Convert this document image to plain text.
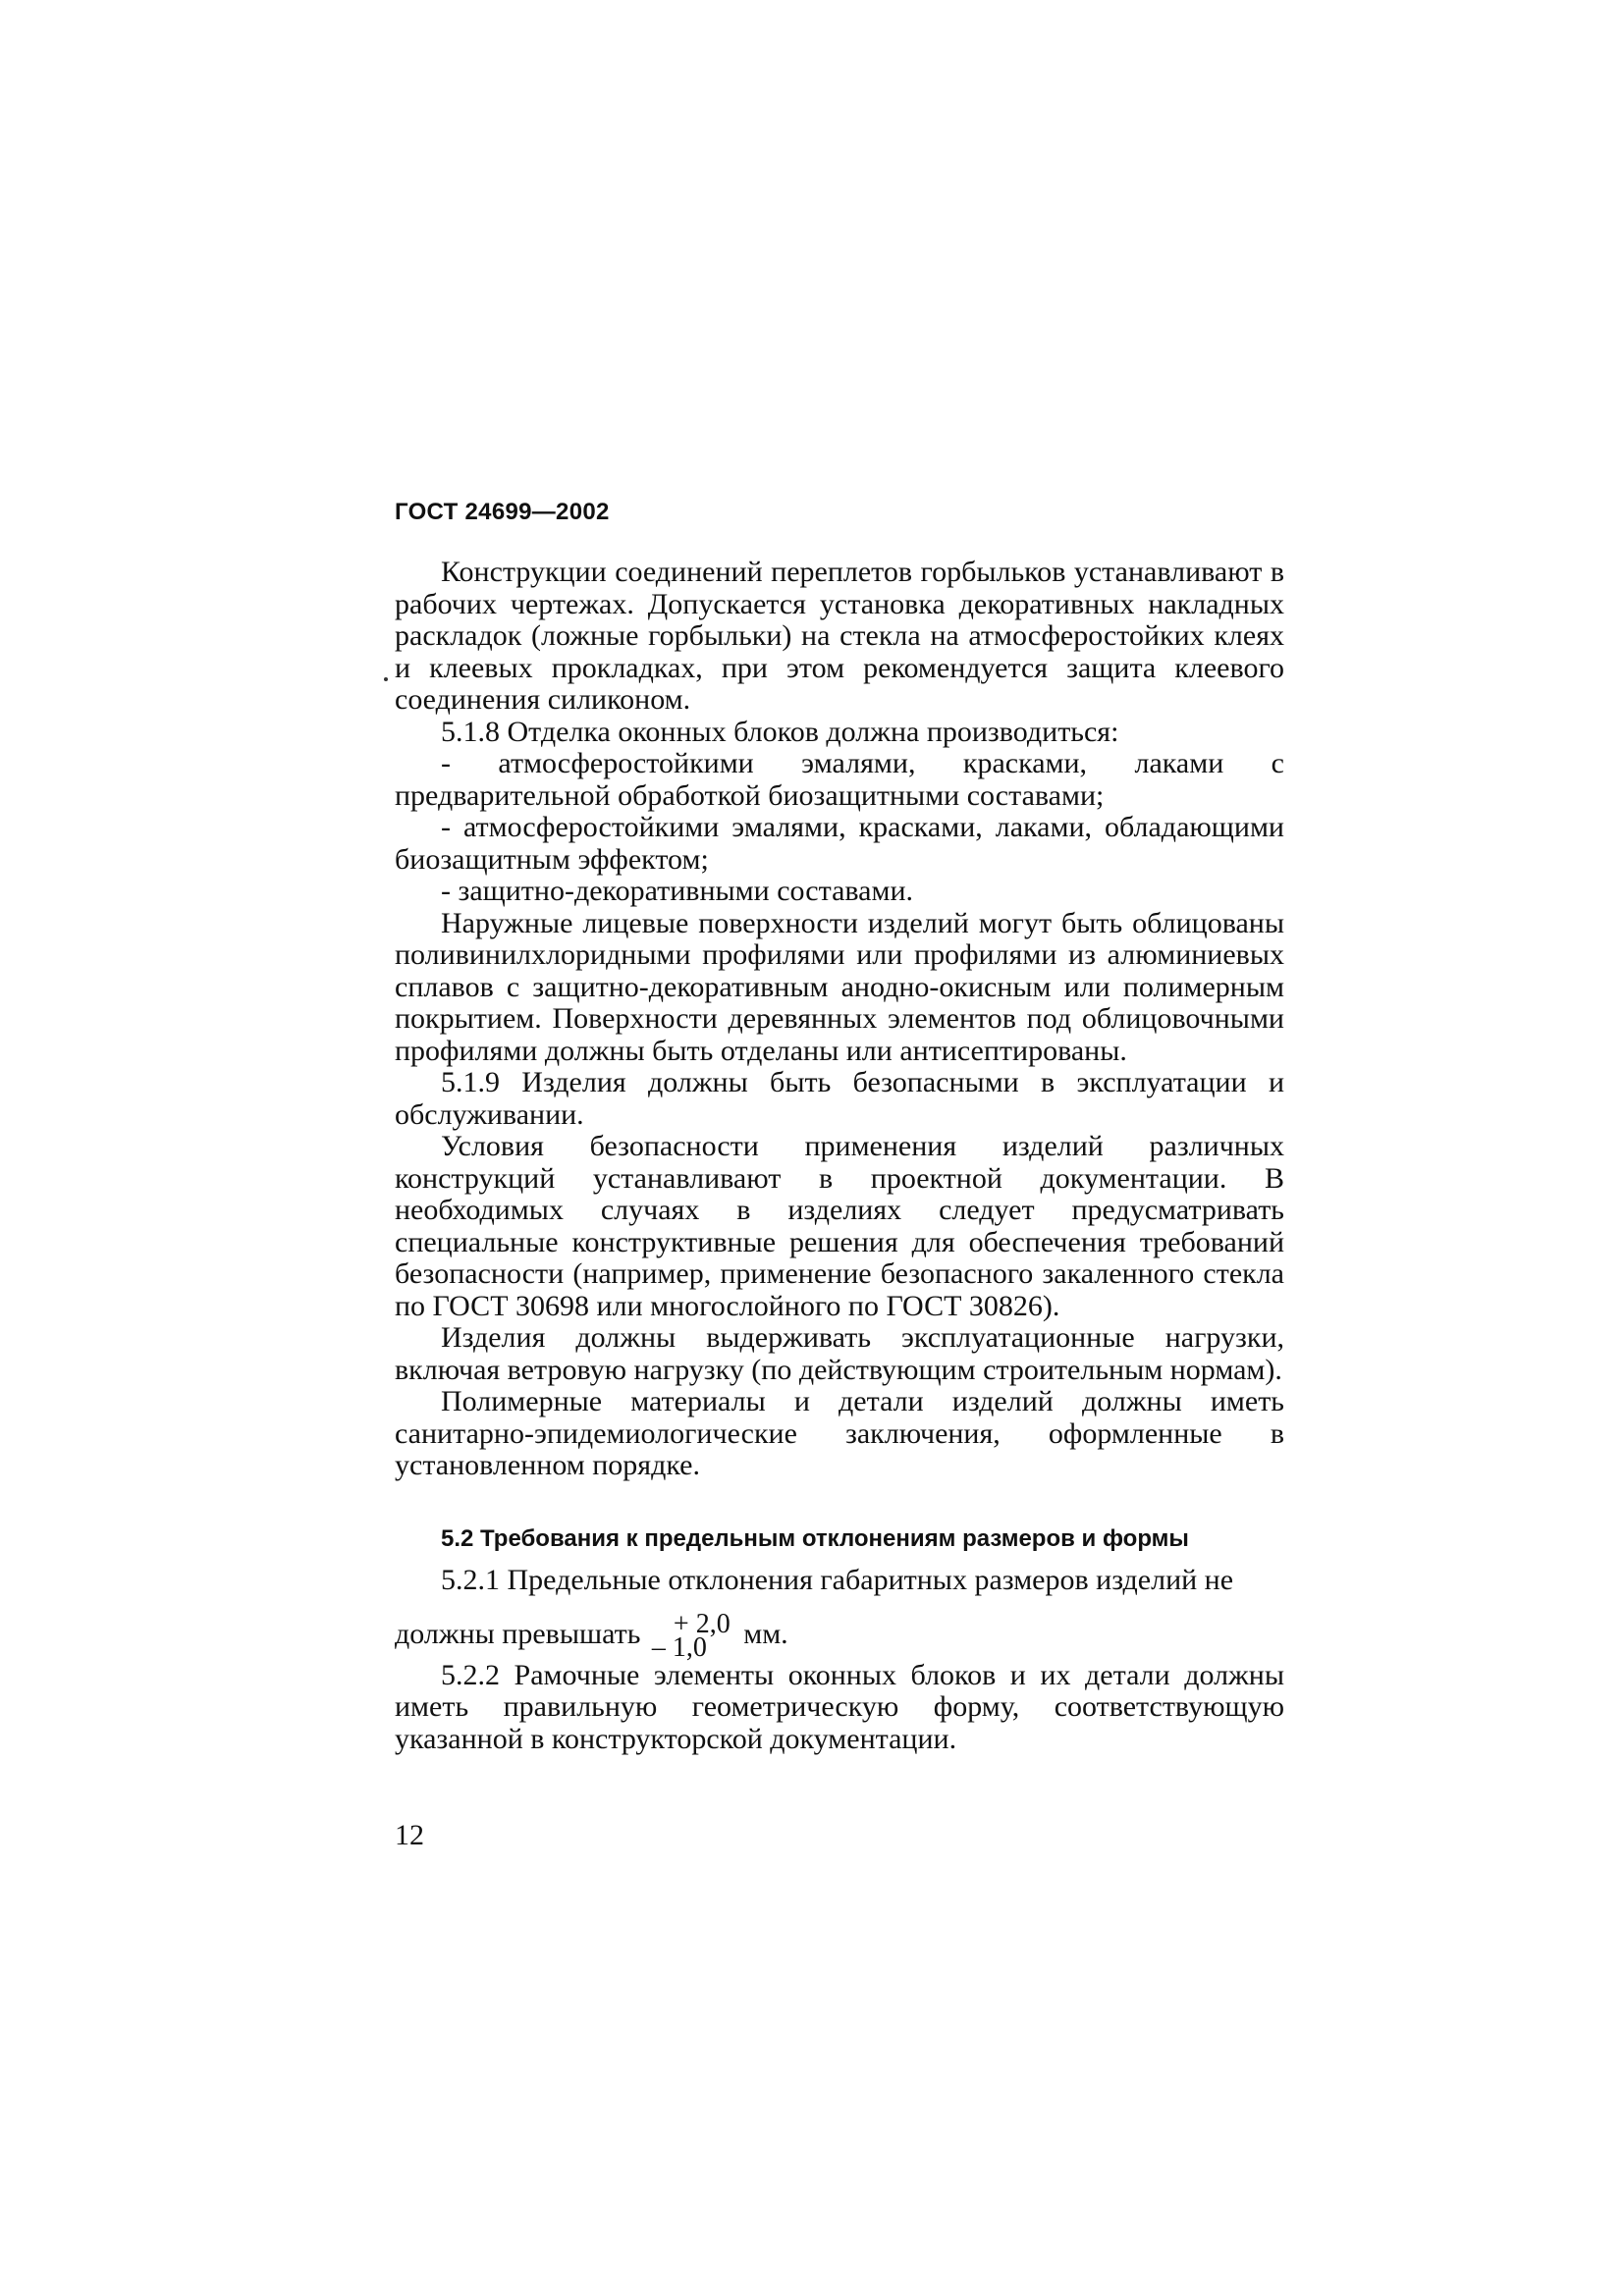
ГОСТ 24699—2002

Конструкции соединений переплетов горбыльков устанавливают в рабочих чертежах. Допускается установка декоративных накладных раскладок (ложные горбыльки) на стекла на атмосферостойких клеях и клеевых прокладках, при этом рекомендуется защита клеевого соединения силиконом.

5.1.8 Отделка оконных блоков должна производиться:

- атмосферостойкими эмалями, красками, лаками с предварительной обработкой биозащитными составами;

- атмосферостойкими эмалями, красками, лаками, обладающими биозащитным эффектом;

- защитно-декоративными составами.

Наружные лицевые поверхности изделий могут быть облицованы поливинилхлоридными профилями или профилями из алюминиевых сплавов с защитно-декоративным анодно-окисным или полимерным покрытием. Поверхности деревянных элементов под облицовочными профилями должны быть отделаны или антисептированы.

5.1.9 Изделия должны быть безопасными в эксплуатации и обслуживании.

Условия безопасности применения изделий различных конструкций устанавливают в проектной документации. В необходимых случаях в изделиях следует предусматривать специальные конструктивные решения для обеспечения требований безопасности (например, применение безопасного закаленного стекла по ГОСТ 30698 или многослойного по ГОСТ 30826).

Изделия должны выдерживать эксплуатационные нагрузки, включая ветровую нагрузку (по действующим строительным нормам).

Полимерные материалы и детали изделий должны иметь санитарно-эпидемиологические заключения, оформленные в установленном порядке.

5.2 Требования к предельным отклонениям размеров и формы

5.2.1 Предельные отклонения габаритных размеров изделий не

должны превышать	+ 2,0
– 1,0	мм.

5.2.2 Рамочные элементы оконных блоков и их детали должны иметь правильную геометрическую форму, соответствующую указанной в конструкторской документации.

12
